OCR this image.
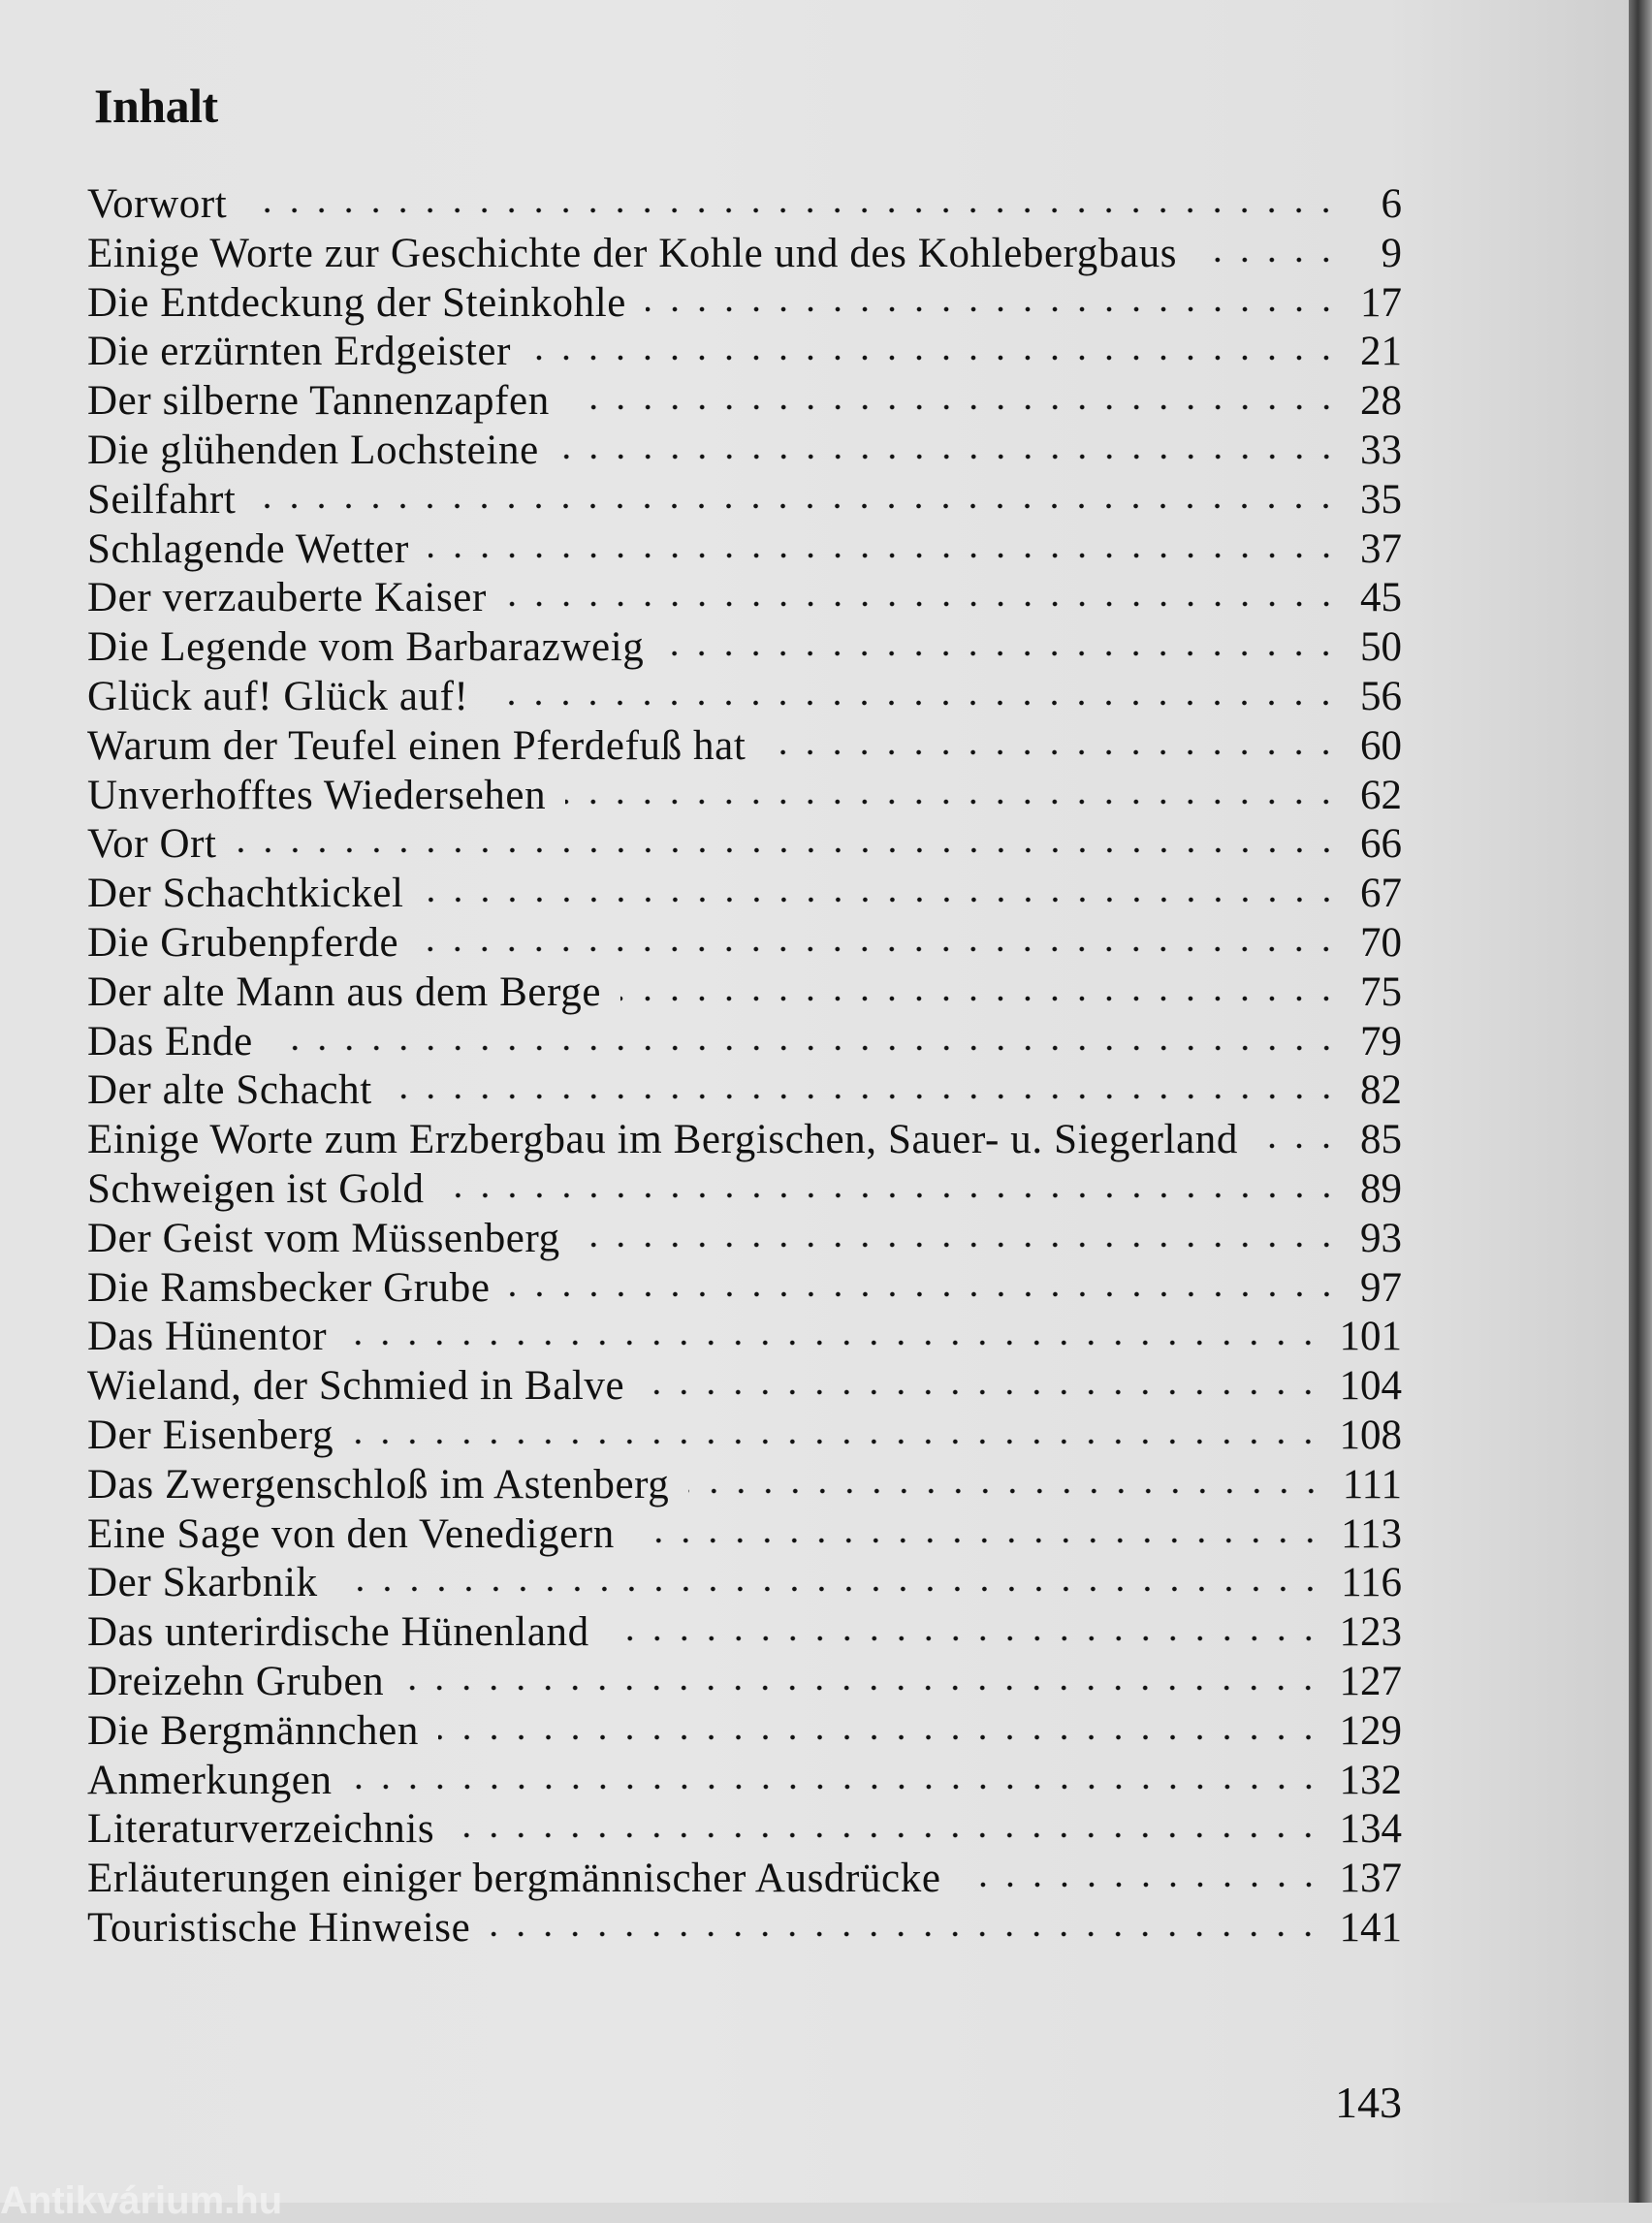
Inhalt
Vorwort	6
Einige Worte zur Geschichte der Kohle und des Kohlebergbaus	9
Die Entdeckung der Steinkohle	17
Die erzürnten Erdgeister	21
Der silberne Tannenzapfen	28
Die glühenden Lochsteine	33
Seilfahrt	35
Schlagende Wetter	37
Der verzauberte Kaiser	45
Die Legende vom Barbarazweig	50
Glück auf! Glück auf!	56
Warum der Teufel einen Pferdefuß hat	60
Unverhofftes Wiedersehen	62
Vor Ort	66
Der Schachtkickel	67
Die Grubenpferde	70
Der alte Mann aus dem Berge	75
Das Ende	79
Der alte Schacht	82
Einige Worte zum Erzbergbau im Bergischen, Sauer- u. Siegerland	85
Schweigen ist Gold	89
Der Geist vom Müssenberg	93
Die Ramsbecker Grube	97
Das Hünentor	101
Wieland, der Schmied in Balve	104
Der Eisenberg	108
Das Zwergenschloß im Astenberg	111
Eine Sage von den Venedigern	113
Der Skarbnik	116
Das unterirdische Hünenland	123
Dreizehn Gruben	127
Die Bergmännchen	129
Anmerkungen	132
Literaturverzeichnis	134
Erläuterungen einiger bergmännischer Ausdrücke	137
Touristische Hinweise	141

143

Antikvárium.hu
